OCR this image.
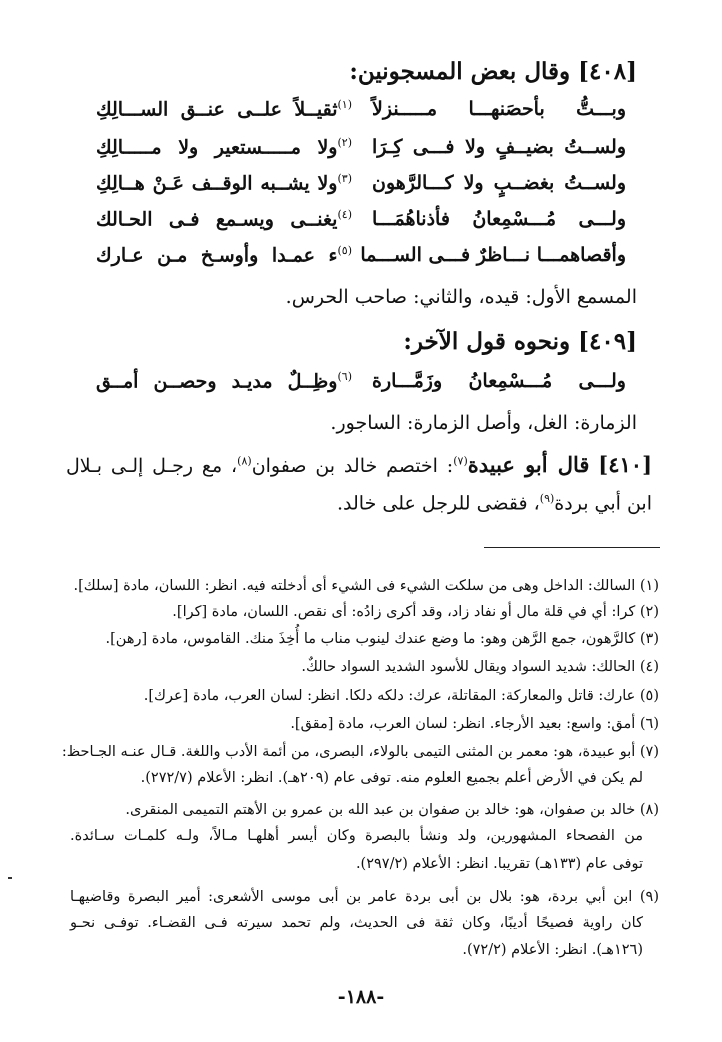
[٤٠٨] وقال بعض المسجونين:
وبـــتُّ بأحصَنهـــا مـــــنزلاً
$^{(١)}$ثقيــلاً علــى عنــق الســـالِكِ
ولســتُ بضيــفٍ ولا فـــى كِـرَا
$^{(٢)}$ولا مـــــستعير ولا مـــــالِكِ
ولســتُ بغضــبٍ ولا كـــالرَّهون
$^{(٣)}$ولا يشــبه الوقــف عَـنْ هــالِكِ
ولـــى مُـــسْمِعانُ فأذناهُمَـــا
$^{(٤)}$يغنــى ويسـمع فـى الحـالك
وأقصاهمـــا نـــاظرٌ فـــى الســـما
$^{(٥)}$ء عمـدا وأوسـخ مـن عـارك
المسمع الأول: قيده، والثاني: صاحب الحرس.
[٤٠٩] ونحوه قول الآخر:
ولـــى مُـــسْمِعانُ وزَمَّـــارة
$^{(٦)}$وظِــلٌ مديـد وحصــن أمــق
الزمارة: الغل، وأصل الزمارة: الساجور.
[٤١٠] قال أبو عبيدة$^{(٧)}$: اختصم خالد بن صفوان$^{(٨)}$، مع رجـل إلـى بـلال
ابن أبي بردة$^{(٩)}$، فقضى للرجل على خالد.
(١) السالك: الداخل وهى من سلكت الشيء فى الشيء أى أدخلته فيه. انظر: اللسان، مادة [سلك].
(٢) كرا: أي في قلة مال أو نفاد زاد، وقد أكرى زادُه: أى نقص. اللسان، مادة [كرا].
(٣) كالرَّهون، جمع الرَّهن وهو: ما وضع عندك لينوب مناب ما أُخِذَ منك. القاموس، مادة [رهن].
(٤) الحالك: شديد السواد ويقال للأسود الشديد السواد حالكٌ.
(٥) عارك: قاتل والمعاركة: المقاتلة، عرك: دلكه دلكا. انظر: لسان العرب، مادة [عرك].
(٦) أمق: واسع: بعيد الأرجاء. انظر: لسان العرب، مادة [مقق].
(٧) أبو عبيدة، هو: معمر بن المثنى التيمى بالولاء، البصرى، من أئمة الأدب واللغة. قـال عنـه الجـاحظ:
لم يكن في الأرض أعلم بجميع العلوم منه. توفى عام (٢٠٩هـ). انظر: الأعلام (٢٧٢/٧).
(٨) خالد بن صفوان، هو: خالد بن صفوان بن عبد الله بن عمرو بن الأهتم التميمى المنقرى.
من الفصحاء المشهورين، ولد ونشأ بالبصرة وكان أيسر أهلهـا مـالاً، ولـه كلمـات سـائدة.
توفى عام (١٣٣هـ) تقريبا. انظر: الأعلام (٢٩٧/٢).
(٩) ابن أبي بردة، هو: بلال بن أبى بردة عامر بن أبى موسى الأشعرى: أمير البصرة وقاضيهـا
كان راوية فصيحًا أديبًا، وكان ثقة فى الحديث، ولم تحمد سيرته فـى القضـاء. توفـى نحـو
(١٢٦هـ). انظر: الأعلام (٧٢/٢).
-١٨٨-
